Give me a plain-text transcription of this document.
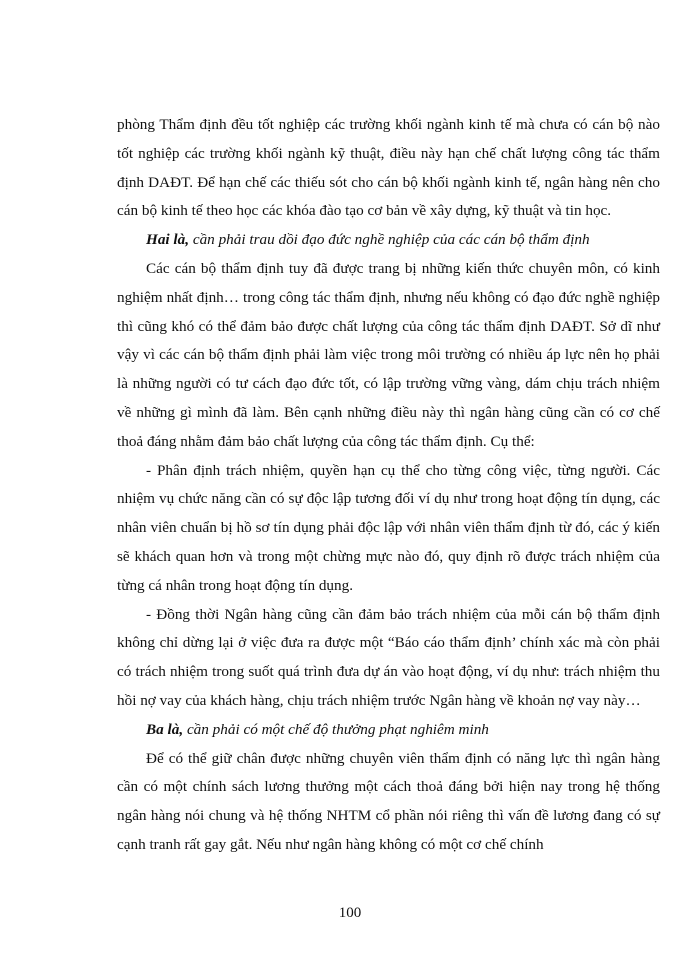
phòng Thẩm định đều tốt nghiệp các trường khối ngành kinh tế mà chưa có cán bộ nào tốt nghiệp các trường khối ngành kỹ thuật, điều này hạn chế chất lượng công tác thẩm định DAĐT. Để hạn chế các thiếu sót cho cán bộ khối ngành kinh tế, ngân hàng nên cho cán bộ kinh tế theo học các khóa đào tạo cơ bản về xây dựng, kỹ thuật và tin học.

Hai là, cần phải trau dồi đạo đức nghề nghiệp của các cán bộ thẩm định

Các cán bộ thẩm định tuy đã được trang bị những kiến thức chuyên môn, có kinh nghiệm nhất định… trong công tác thẩm định, nhưng nếu không có đạo đức nghề nghiệp thì cũng khó có thể đảm bảo được chất lượng của công tác thẩm định DAĐT. Sở dĩ như vậy vì các cán bộ thẩm định phải làm việc trong môi trường có nhiều áp lực nên họ phải là những người có tư cách đạo đức tốt, có lập trường vững vàng, dám chịu trách nhiệm về những gì mình đã làm. Bên cạnh những điều này thì ngân hàng cũng cần có cơ chế thoả đáng nhằm đảm bảo chất lượng của công tác thẩm định. Cụ thể:

- Phân định trách nhiệm, quyền hạn cụ thể cho từng công việc, từng người. Các nhiệm vụ chức năng cần có sự độc lập tương đối ví dụ như trong hoạt động tín dụng, các nhân viên chuẩn bị hồ sơ tín dụng phải độc lập với nhân viên thẩm định từ đó, các ý kiến sẽ khách quan hơn và trong một chừng mực nào đó, quy định rõ được trách nhiệm của từng cá nhân trong hoạt động tín dụng.

- Đồng thời Ngân hàng cũng cần đảm bảo trách nhiệm của mỗi cán bộ thẩm định không chỉ dừng lại ở việc đưa ra được một “Báo cáo thẩm định’ chính xác mà còn phải có trách nhiệm trong suốt quá trình đưa dự án vào hoạt động, ví dụ như: trách nhiệm thu hồi nợ vay của khách hàng, chịu trách nhiệm trước Ngân hàng về khoản nợ vay này…

Ba là, cần phải có một chế độ thưởng phạt nghiêm minh

Để có thể giữ chân được những chuyên viên thẩm định có năng lực thì ngân hàng cần có một chính sách lương thưởng một cách thoả đáng bởi hiện nay trong hệ thống ngân hàng nói chung và hệ thống NHTM cổ phần nói riêng thì vấn đề lương đang có sự cạnh tranh rất gay gắt. Nếu như ngân hàng không có một cơ chế chính

100
